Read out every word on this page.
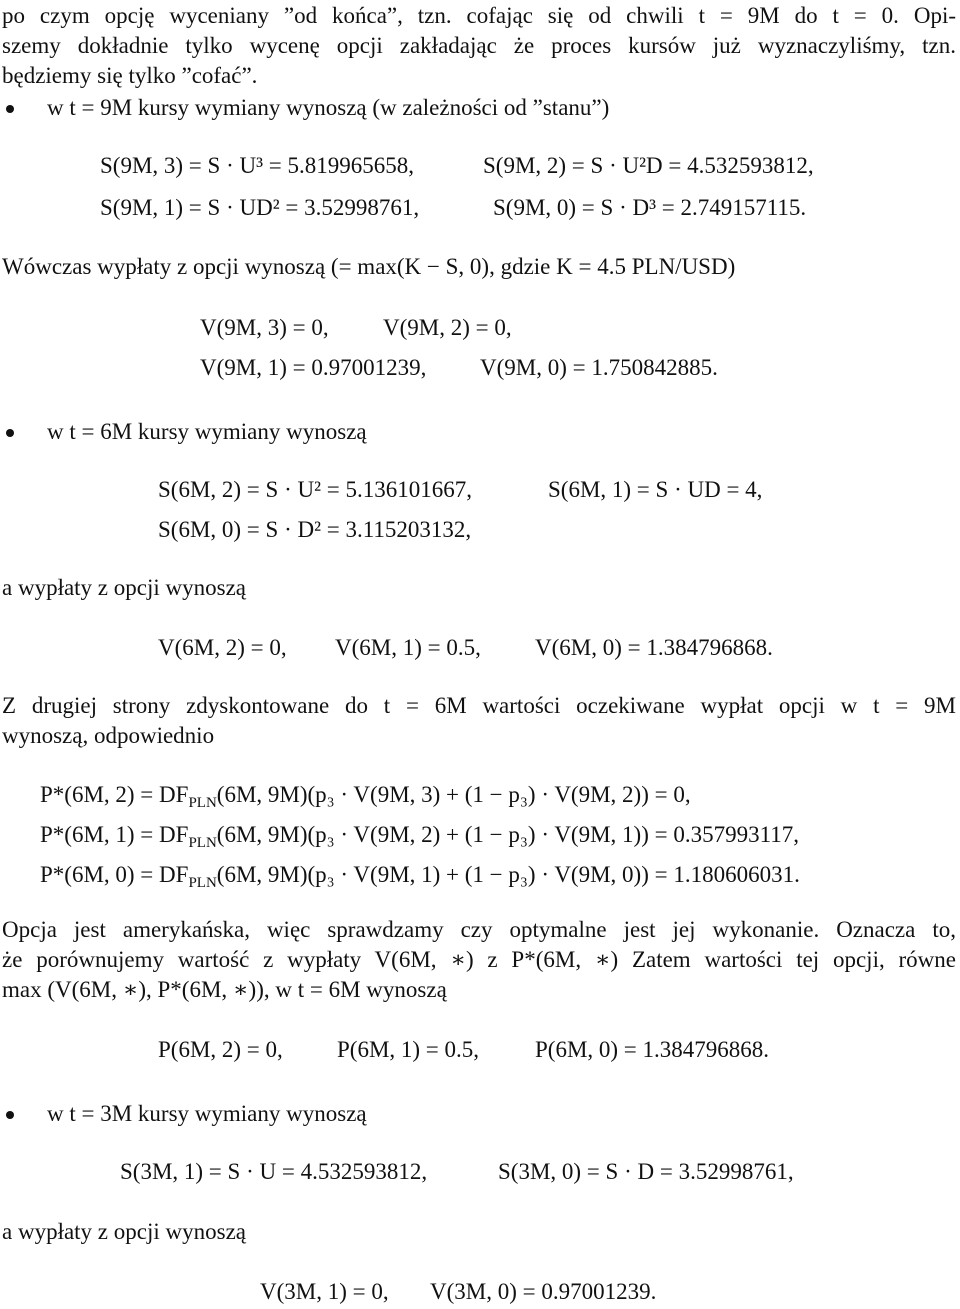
po czym opcję wyceniany ”od końca”, tzn. cofając się od chwili t = 9M do t = 0. Opi-
szemy dokładnie tylko wycenę opcji zakładając że proces kursów już wyznaczyliśmy, tzn.
będziemy się tylko ”cofać”.
w t = 9M kursy wymiany wynoszą (w zależności od ”stanu”)
S(9M, 3) = S · U³ = 5.819965658,	S(9M, 2) = S · U²D = 4.532593812,
S(9M, 1) = S · UD² = 3.52998761,	S(9M, 0) = S · D³ = 2.749157115.
Wówczas wypłaty z opcji wynoszą (= max(K − S, 0), gdzie K = 4.5 PLN/USD)
V(9M, 3) = 0, V(9M, 2) = 0,
V(9M, 1) = 0.97001239, V(9M, 0) = 1.750842885.
w t = 6M kursy wymiany wynoszą
S(6M, 2) = S · U² = 5.136101667,	S(6M, 1) = S · UD = 4,
S(6M, 0) = S · D² = 3.115203132,
a wypłaty z opcji wynoszą
V(6M, 2) = 0, V(6M, 1) = 0.5, V(6M, 0) = 1.384796868.
Z drugiej strony zdyskontowane do t = 6M wartości oczekiwane wypłat opcji w t = 9M
wynoszą, odpowiednio
P*(6M, $2) = DF_{PLN}(6M$, 9M)(p₃ · V(9M, 3) + (1 − p₃) · V(9M, 2)) = 0,
P*(6M, $1) = DF_{PLN}(6M$, 9M)(p₃ · V(9M, 2) + (1 − p₃) · V(9M, 1)) = 0.357993117,
P*(6M, $0) = DF_{PLN}(6M$, 9M)(p₃ · V(9M, 1) + (1 − p₃) · V(9M, 0)) = 1.180606031.
Opcja jest amerykańska, więc sprawdzamy czy optymalne jest jej wykonanie. Oznacza to,
że porównujemy wartość z wypłaty V(6M, ∗) z P*(6M, ∗) Zatem wartości tej opcji, równe
max (V(6M, ∗), P*(6M, ∗)), w t = 6M wynoszą
P(6M, 2) = 0, P(6M, 1) = 0.5, P(6M, 0) = 1.384796868.
w t = 3M kursy wymiany wynoszą
S(3M, 1) = S · U = 4.532593812,	S(3M, 0) = S · D = 3.52998761,
a wypłaty z opcji wynoszą
V(3M, 1) = 0, V(3M, 0) = 0.97001239.
